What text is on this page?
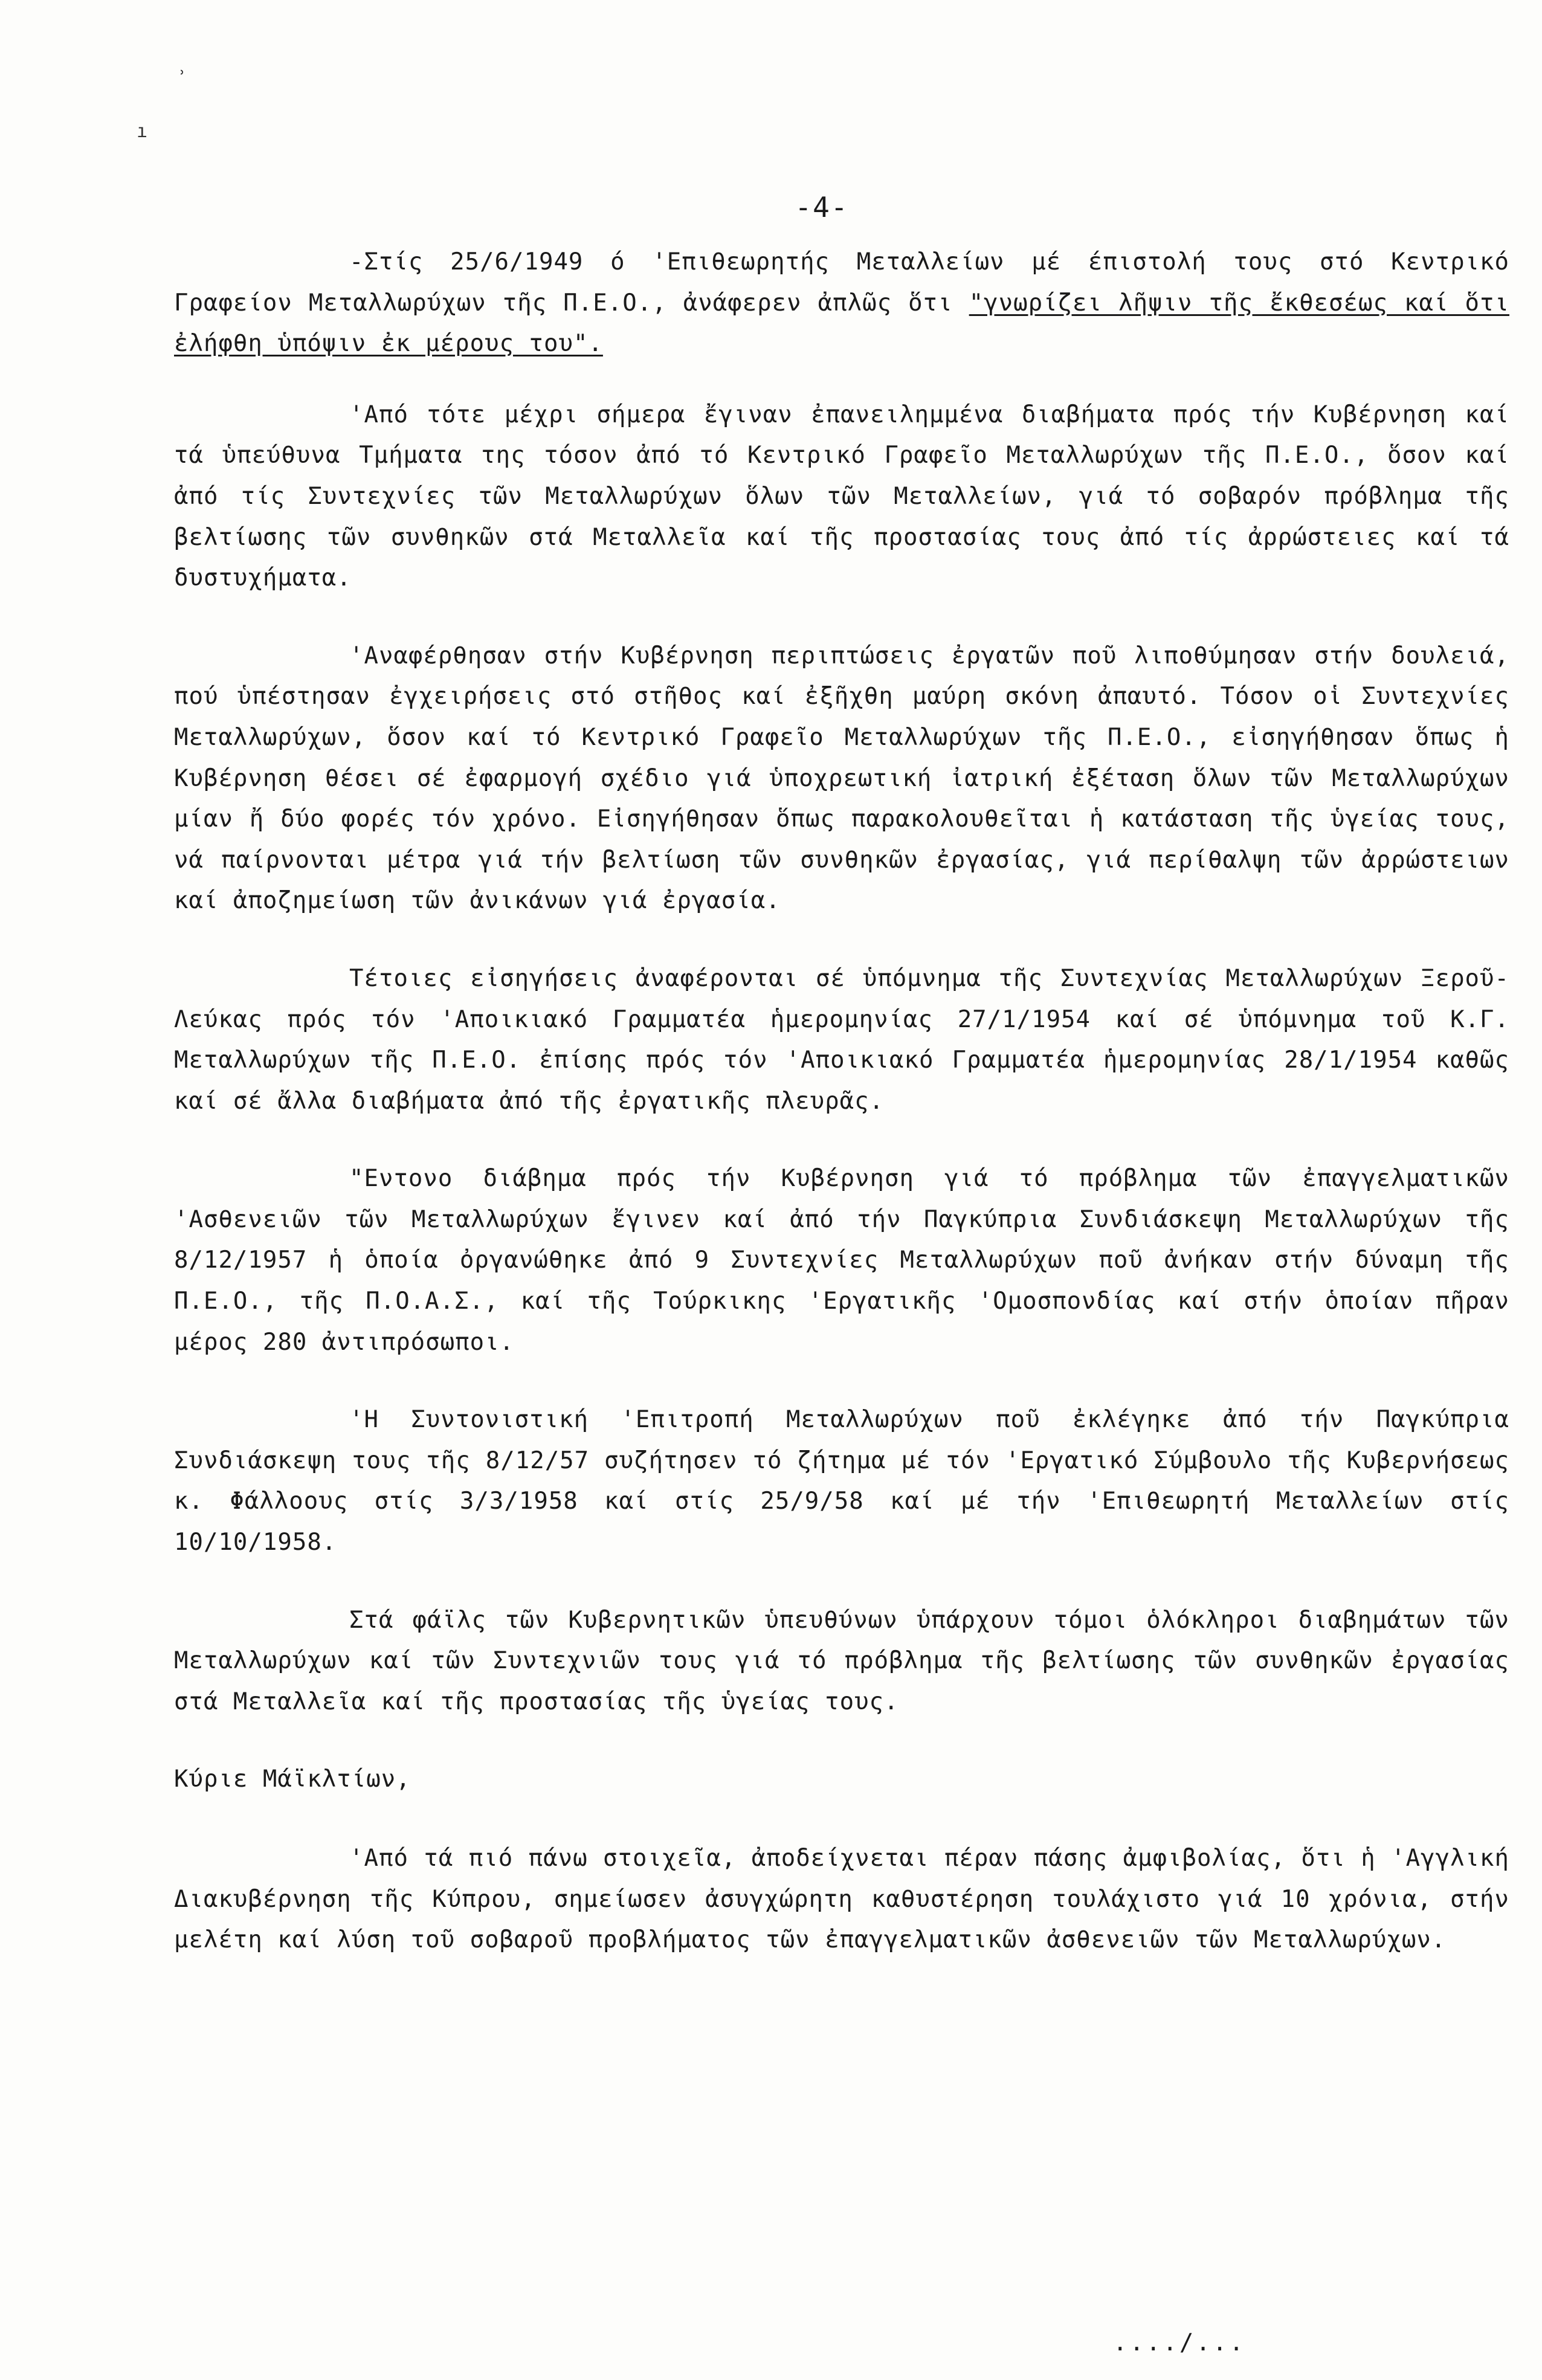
˒
ı
-4-

-Στίς 25/6/1949 ό 'Επιθεωρητής Μεταλλείων μέ έπιστολή τους στό Κεντρικό Γραφείον Μεταλλωρύχων τῆς Π.Ε.Ο., ἀνάφερεν ἀπλῶς ὅτι "γνωρίζει λῆψιν τῆς ἔκθεσέως καί ὅτι ἐλήφθη ὑπόψιν ἐκ μέρους του".

'Από τότε μέχρι σήμερα ἔγιναν ἐπανειλημμένα διαβήματα πρός τήν Κυβέρνηση καί τά ὑπεύθυνα Τμήματα της τόσον ἀπό τό Κεντρικό Γραφεῖο Μεταλλωρύχων τῆς Π.Ε.Ο., ὅσον καί ἀπό τίς Συντεχνίες τῶν Μεταλλωρύχων ὅλων τῶν Μεταλλείων, γιά τό σοβαρόν πρόβλημα τῆς βελτίωσης τῶν συνθηκῶν στά Μεταλλεῖα καί τῆς προστασίας τους ἀπό τίς ἀρρώστειες καί τά δυστυχήματα.

'Αναφέρθησαν στήν Κυβέρνηση περιπτώσεις ἐργατῶν ποῦ λιποθύμησαν στήν δουλειά, πού ὑπέστησαν ἐγχειρήσεις στό στῆθος καί ἐξῆχθη μαύρη σκόνη ἀπαυτό. Τόσον οἱ Συντεχνίες Μεταλλωρύχων, ὅσον καί τό Κεντρικό Γραφεῖο Μεταλλωρύχων τῆς Π.Ε.Ο., εἰσηγήθησαν ὅπως ἡ Κυβέρνηση θέσει σέ ἐφαρμογή σχέδιο γιά ὑποχρεωτική ἰατρική ἐξέταση ὅλων τῶν Μεταλλωρύχων μίαν ἤ δύο φορές τόν χρόνο. Εἰσηγήθησαν ὅπως παρακολουθεῖται ἡ κατάσταση τῆς ὑγείας τους, νά παίρνονται μέτρα γιά τήν βελτίωση τῶν συνθηκῶν ἐργασίας, γιά περίθαλψη τῶν ἀρρώστειων καί ἀποζημείωση τῶν ἀνικάνων γιά ἐργασία.

Τέτοιες εἰσηγήσεις ἀναφέρονται σέ ὑπόμνημα τῆς Συντεχνίας Μεταλλωρύχων Ξεροῦ-Λεύκας πρός τόν 'Αποικιακό Γραμματέα ἡμερομηνίας 27/1/1954 καί σέ ὑπόμνημα τοῦ Κ.Γ. Μεταλλωρύχων τῆς Π.Ε.Ο. ἐπίσης πρός τόν 'Αποικιακό Γραμματέα ἡμερομηνίας 28/1/1954 καθῶς καί σέ ἄλλα διαβήματα ἀπό τῆς ἐργατικῆς πλευρᾶς.

"Εντονο διάβημα πρός τήν Κυβέρνηση γιά τό πρόβλημα τῶν ἐπαγγελματικῶν 'Ασθενειῶν τῶν Μεταλλωρύχων ἔγινεν καί ἀπό τήν Παγκύπρια Συνδιάσκεψη Μεταλλωρύχων τῆς 8/12/1957 ἡ ὁποία ὀργανώθηκε ἀπό 9 Συντεχνίες Μεταλλωρύχων ποῦ ἀνήκαν στήν δύναμη τῆς Π.Ε.Ο., τῆς Π.Ο.Α.Σ., καί τῆς Τούρκικης 'Εργατικῆς 'Ομοσπονδίας καί στήν ὁποίαν πῆραν μέρος 280 ἀντιπρόσωποι.

'Η Συντονιστική 'Επιτροπή Μεταλλωρύχων ποῦ ἐκλέγηκε ἀπό τήν Παγκύπρια Συνδιάσκεψη τους τῆς 8/12/57 συζήτησεν τό ζήτημα μέ τόν 'Εργατικό Σύμβουλο τῆς Κυβερνήσεως κ. Φάλλοους στίς 3/3/1958 καί στίς 25/9/58 καί μέ τήν 'Επιθεωρητή Μεταλλείων στίς 10/10/1958.

Στά φάϊλς τῶν Κυβερνητικῶν ὑπευθύνων ὑπάρχουν τόμοι ὁλόκληροι διαβημάτων τῶν Μεταλλωρύχων καί τῶν Συντεχνιῶν τους γιά τό πρόβλημα τῆς βελτίωσης τῶν συνθηκῶν ἐργασίας στά Μεταλλεῖα καί τῆς προστασίας τῆς ὑγείας τους.

Κύριε Μάϊκλτίων,

'Από τά πιό πάνω στοιχεῖα, ἀποδείχνεται πέραν πάσης ἀμφιβολίας, ὅτι ἡ 'Αγγλική Διακυβέρνηση τῆς Κύπρου, σημείωσεν ἀσυγχώρητη καθυστέρηση τουλάχιστο γιά 10 χρόνια, στήν μελέτη καί λύση τοῦ σοβαροῦ προβλήματος τῶν ἐπαγγελματικῶν ἀσθενειῶν τῶν Μεταλλωρύχων.

..../...
